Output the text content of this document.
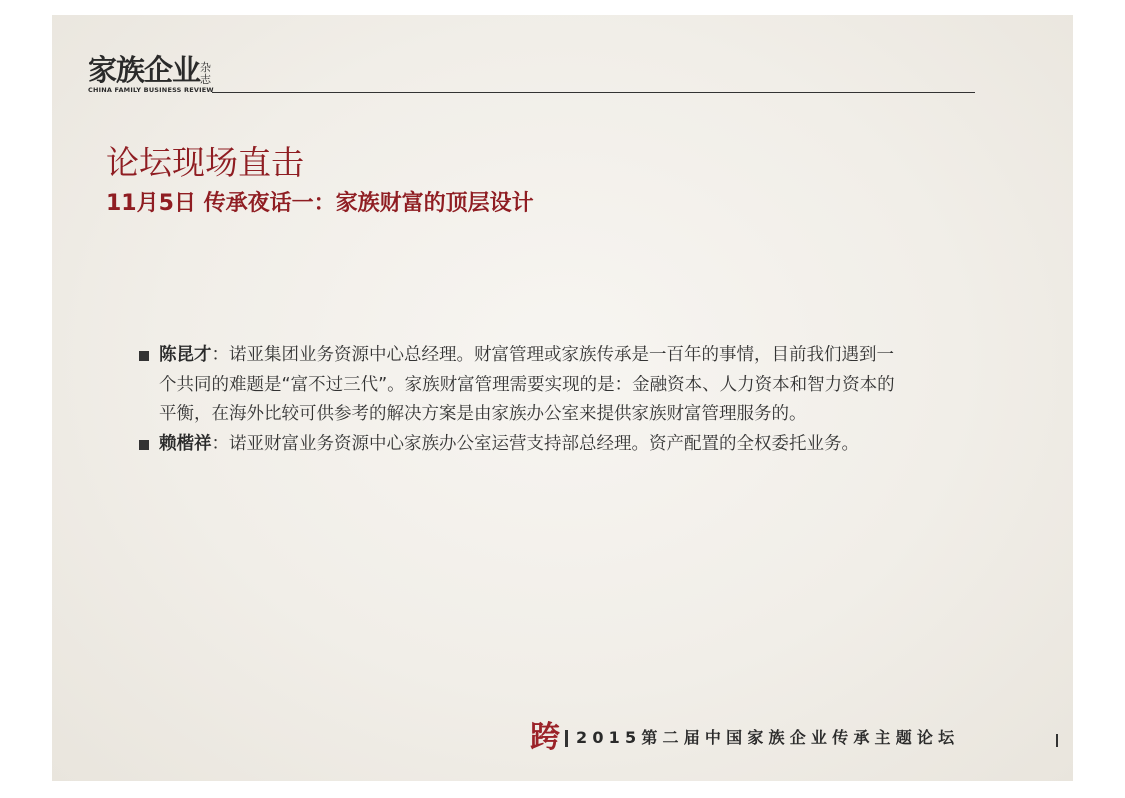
家族企业 杂志
CHINA FAMILY BUSINESS REVIEW
论坛现场直击
11月5日 传承夜话一：家族财富的顶层设计
陈昆才：诺亚集团业务资源中心总经理。财富管理或家族传承是一百年的事情，目前我们遇到一个共同的难题是“富不过三代”。家族财富管理需要实现的是：金融资本、人力资本和智力资本的平衡，在海外比较可供参考的解决方案是由家族办公室来提供家族财富管理服务的。
赖楷祥：诺亚财富业务资源中心家族办公室运营支持部总经理。资产配置的全权委托业务。
跨 2015第二届中国家族企业传承主题论坛
